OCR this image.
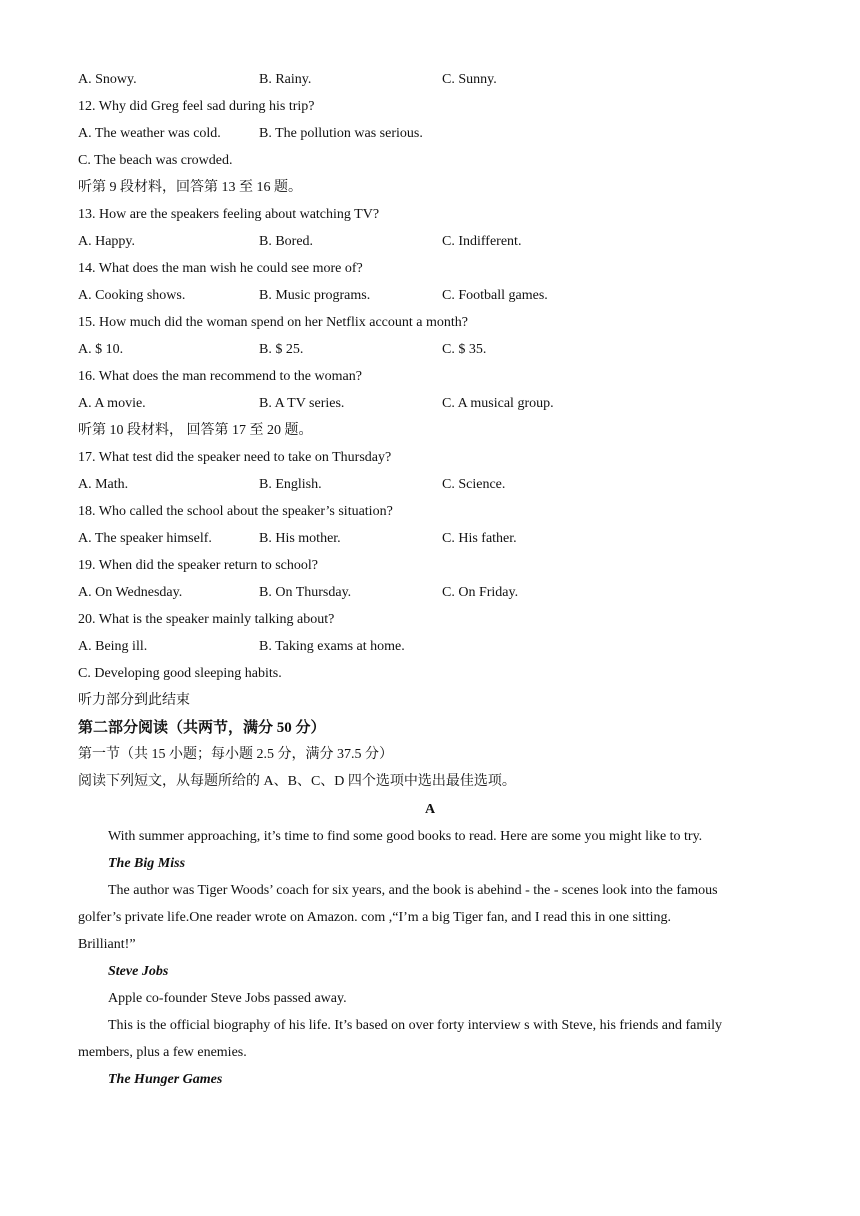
A. Snowy.	B. Rainy.	C. Sunny.
12. Why did Greg feel sad during his trip?
A. The weather was cold.	B. The pollution was serious.
C. The beach was crowded.
听第 9 段材料，回答第 13 至 16 题。
13. How are the speakers feeling about watching TV?
A. Happy.	B. Bored.	C. Indifferent.
14. What does the man wish he could see more of?
A. Cooking shows.	B. Music programs.	C. Football games.
15. How much did the woman spend on her Netflix account a month?
A. $ 10.	B. $ 25.	C. $ 35.
16. What does the man recommend to the woman?
A. A movie.	B. A TV series.	C. A musical group.
听第 10 段材料， 回答第 17 至 20 题。
17. What test did the speaker need to take on Thursday?
A. Math.	B. English.	C. Science.
18. Who called the school about the speaker’s situation?
A. The speaker himself.	B. His mother.	C. His father.
19. When did the speaker return to school?
A. On Wednesday.	B. On Thursday.	C. On Friday.
20. What is the speaker mainly talking about?
A. Being ill.	B. Taking exams at home.
C. Developing good sleeping habits.
听力部分到此结束
第二部分阅读（共两节，满分 50 分）
第一节（共 15 小题；每小题 2.5 分，满分 37.5 分）
阅读下列短文，从每题所给的 A、B、C、D 四个选项中选出最佳选项。
A
With summer approaching, it’s time to find some good books to read. Here are some you might like to try.
The Big Miss
The author was Tiger Woods’ coach for six years, and the book is abehind - the - scenes look into the famous
golfer’s private life.One reader wrote on Amazon. com ,“I’m a big Tiger fan, and I read this in one sitting.
Brilliant!”
Steve Jobs
Apple co-founder Steve Jobs passed away.
This is the official biography of his life. It’s based on over forty interview s with Steve, his friends and family
members, plus a few enemies.
The Hunger Games
